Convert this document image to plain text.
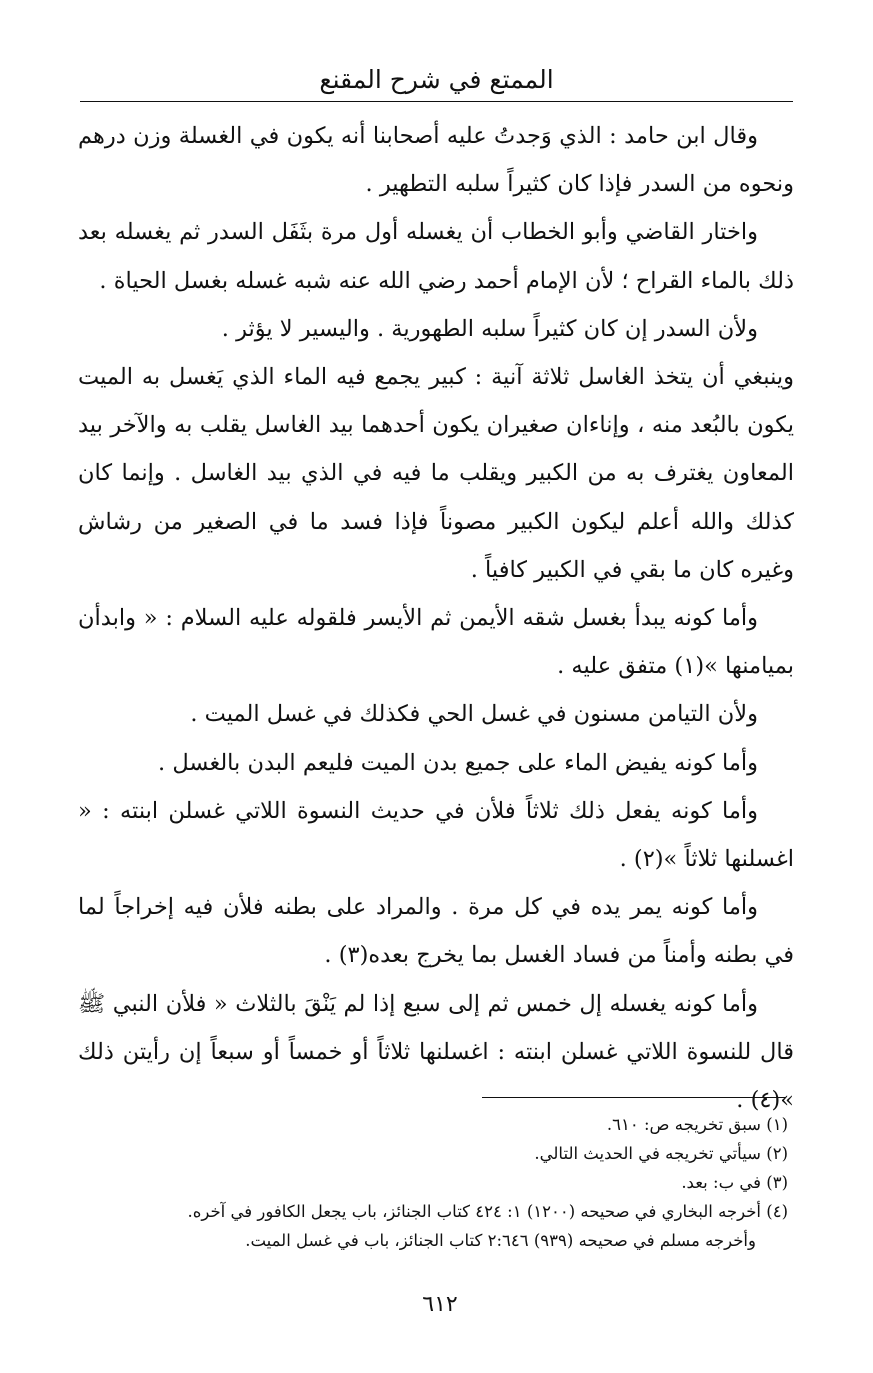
الممتع في شرح المقنع

وقال ابن حامد : الذي وَجدتُ عليه أصحابنا أنه يكون في الغسلة وزن درهم ونحوه من السدر فإذا كان كثيراً سلبه التطهير .

واختار القاضي وأبو الخطاب أن يغسله أول مرة بثَفَل السدر ثم يغسله بعد ذلك بالماء القراح ؛ لأن الإمام أحمد رضي الله عنه شبه غسله بغسل الحياة .

ولأن السدر إن كان كثيراً سلبه الطهورية . واليسير لا يؤثر .

وينبغي أن يتخذ الغاسل ثلاثة آنية : كبير يجمع فيه الماء الذي يَغسل به الميت يكون بالبُعد منه ، وإناءان صغيران يكون أحدهما بيد الغاسل يقلب به والآخر بيد المعاون يغترف به من الكبير ويقلب ما فيه في الذي بيد الغاسل . وإنما كان كذلك والله أعلم ليكون الكبير مصوناً فإذا فسد ما في الصغير من رشاش وغيره كان ما بقي في الكبير كافياً .

وأما كونه يبدأ بغسل شقه الأيمن ثم الأيسر فلقوله عليه السلام : « وابدأن بميامنها »(١) متفق عليه .

ولأن التيامن مسنون في غسل الحي فكذلك في غسل الميت .

وأما كونه يفيض الماء على جميع بدن الميت فليعم البدن بالغسل .

وأما كونه يفعل ذلك ثلاثاً فلأن في حديث النسوة اللاتي غسلن ابنته : « اغسلنها ثلاثاً »(٢) .

وأما كونه يمر يده في كل مرة . والمراد على بطنه فلأن فيه إخراجاً لما في بطنه وأمناً من فساد الغسل بما يخرج بعده(٣) .

وأما كونه يغسله إل خمس ثم إلى سبع إذا لم يَنْقَ بالثلاث « فلأن النبي ﷺ قال للنسوة اللاتي غسلن ابنته : اغسلنها ثلاثاً أو خمساً أو سبعاً إن رأيتن ذلك »(٤) .

(١) سبق تخريجه ص: ٦١٠.
(٢) سيأتي تخريجه في الحديث التالي.
(٣) في ب: بعد.
(٤) أخرجه البخاري في صحيحه (١٢٠٠) ١: ٤٢٤ كتاب الجنائز، باب يجعل الكافور في آخره.
وأخرجه مسلم في صحيحه (٩٣٩) ٢:٦٤٦ كتاب الجنائز، باب في غسل الميت.
٦١٢
